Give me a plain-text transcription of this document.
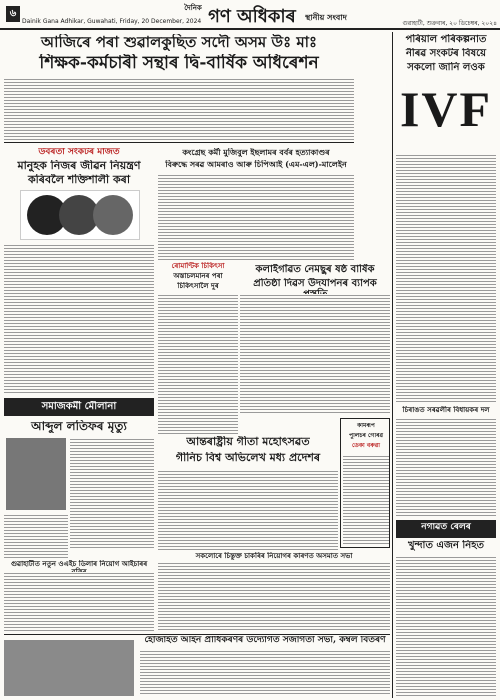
৬
Dainik Gana Adhikar, Guwahati, Friday, 20 December, 2024
$^{দৈনিক}$ গণ অধিকাৰ	স্থানীয় সংবাদ
গুৱাহাটী, শুক্ৰবাৰ, ২০ ডিচেম্বৰ, ২০২৪
আজিৰে পৰা শুৱালকুছিত সদৌ অসম উঃ মাঃ
শিক্ষক-কৰ্মচাৰী সন্থাৰ দ্বি-বাৰ্ষিক অধিৰেশন
উৰ্বৰতা সংকটৰ মাজত
মানুহক নিজৰ জীৱন নিয়ন্ত্ৰণ
কৰিবলৈ শক্তিশালী কৰা
কংগ্ৰেছ কৰ্মী মুজিবুল ইছলামৰ বৰ্বৰ হত্যাকাণ্ডৰ
বিৰুদ্ধে সৰৱ আমৰাও আৰু চিপিআই (এম-এল)-মালেইন
ৰোমাণ্টিক চিকিৎসা
অস্তাচলমানৰ পৰা
চিকিৎসালৈ দুৰ
কলাইগাঁৱত নেমছুৰ ষষ্ঠ বাৰ্ষিক
প্ৰতিষ্ঠা দিৱস উদযাপনৰ ব্যাপক
আন্তৰাষ্ট্ৰীয় গীতা মহোৎসৱত
গীনিচ বিশ্ব অভিলেখ মধ্য প্ৰদেশৰ
কামৰূপ
পুলিচৰ গৌৰৱ
ডেকা বৰুৱা
সমাজকৰ্মী মৌলানা
আব্দুল লতিফৰ মৃত্যু
সকলোৰে চিন্তুক্ত চাকৰিৰ নিয়োগৰ কাৰণত অসমাত সভা
গুৱাহাটীত নতুন ওএইচ ডিলাৰ নিয়োগ আইচাৰৰ
হোজাইত আইন প্ৰাধিকৰণৰ উদ্যোগত সজাগতা সভা, কম্বল বিতৰণ
পৰিয়াল পৰিকল্পনাত
নীৰৱ সংকটৰ বিষয়ে
সকলো জানি লওক
IVF
চিৰাঙত সৰৱলীৰ বিধায়কৰ দল
নগাঁৱত ৰেলৰ
খুন্দাত এজন নিহত
